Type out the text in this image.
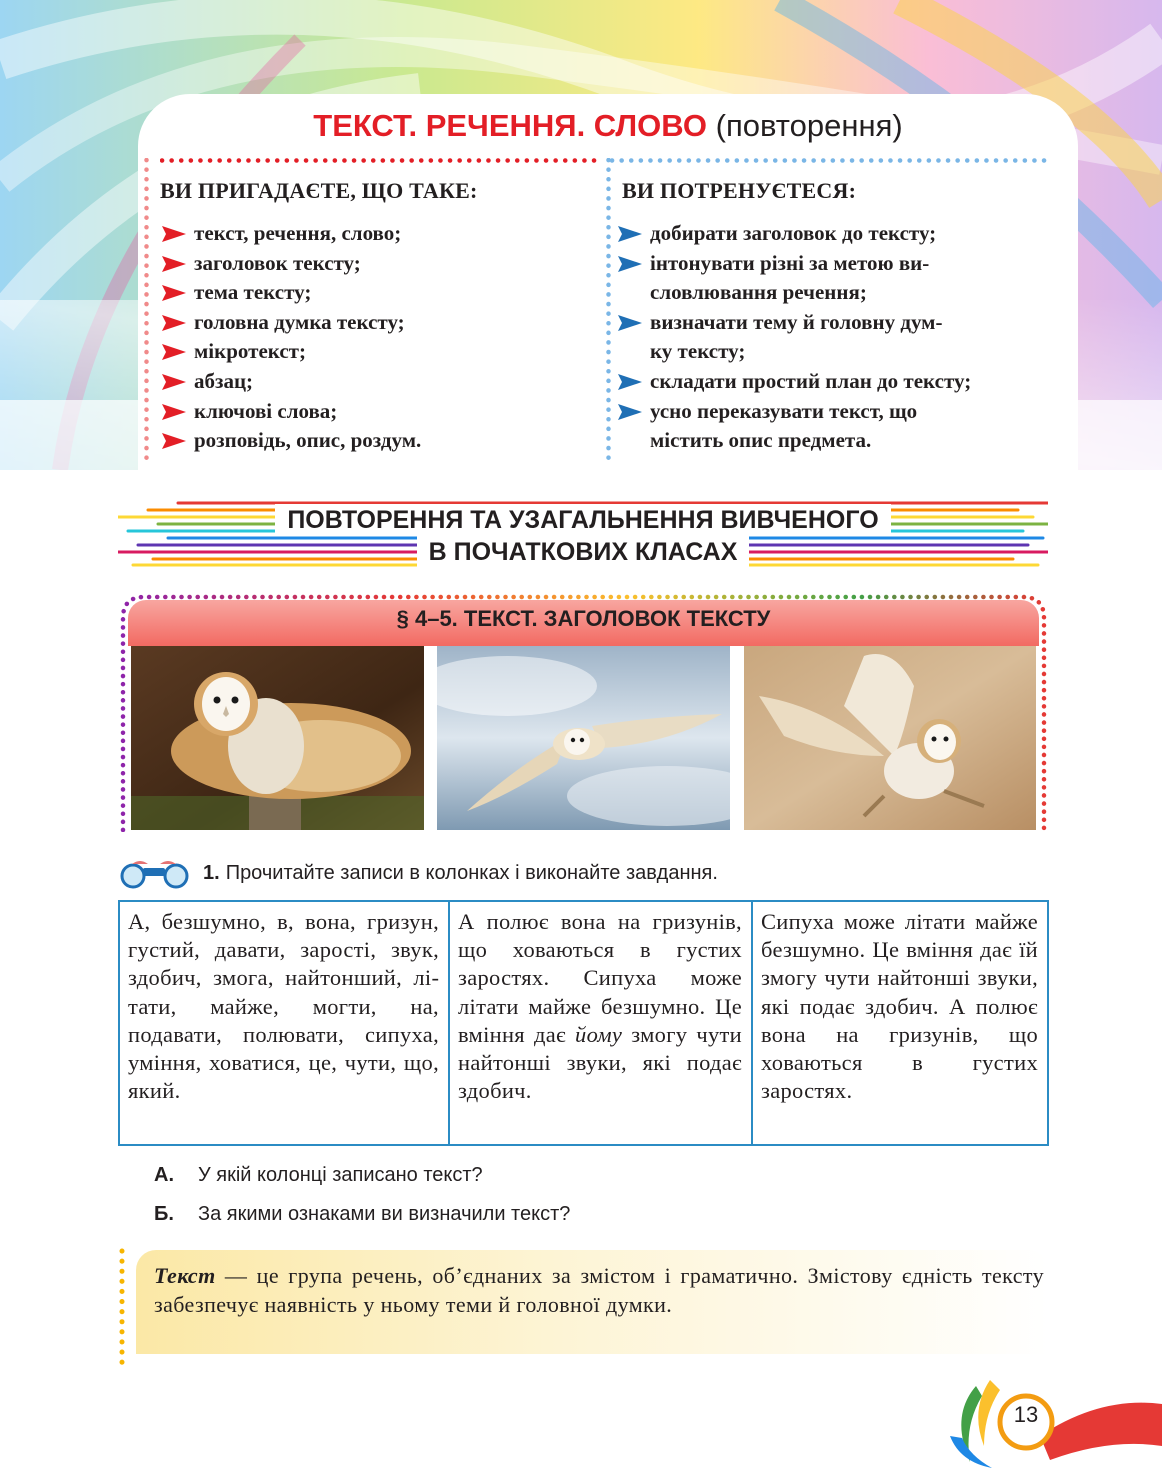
ТЕКСТ. РЕЧЕННЯ. СЛОВО (повторення)
ВИ ПРИГАДАЄТЕ, ЩО ТАКЕ:	ВИ ПОТРЕНУЄТЕСЯ:
текст, речення, слово;
заголовок тексту;
тема тексту;
головна думка тексту;
мікротекст;
абзац;
ключові слова;
розповідь, опис, роздум.
добирати заголовок до тексту;
інтонувати різні за метою ви-
словлювання речення;
визначати тему й головну дум-
ку тексту;
складати простий план до тексту;
усно переказувати текст, що
містить опис предмета.
ПОВТОРЕННЯ ТА УЗАГАЛЬНЕННЯ ВИВЧЕНОГО
В ПОЧАТКОВИХ КЛАСАХ
§ 4–5. ТЕКСТ. ЗАГОЛОВОК ТЕКСТУ
1. Прочитайте записи в колонках і виконайте завдання.
А, безшумно, в, вона, гризун, густий, давати, зарості, звук, здобич, змога, найтонший, літати, майже, могти, на, подавати, полювати, сипуха, уміння, ховатися, це, чути, що, який.
А полює вона на гризунів, що ховаються в густих заростях. Сипуха може літати майже безшумно. Це вміння дає йому змогу чути найтонші звуки, які подає здобич.
Сипуха може літати майже безшумно. Це вміння дає їй змогу чути найтонші звуки, які подає здобич. А полює вона на гризунів, що ховаються в густих заростях.
А. У якій колонці записано текст?
Б. За якими ознаками ви визначили текст?
Текст — це група речень, об’єднаних за змістом і граматично. Змістову єдність тексту забезпечує наявність у ньому теми й головної думки.
13
